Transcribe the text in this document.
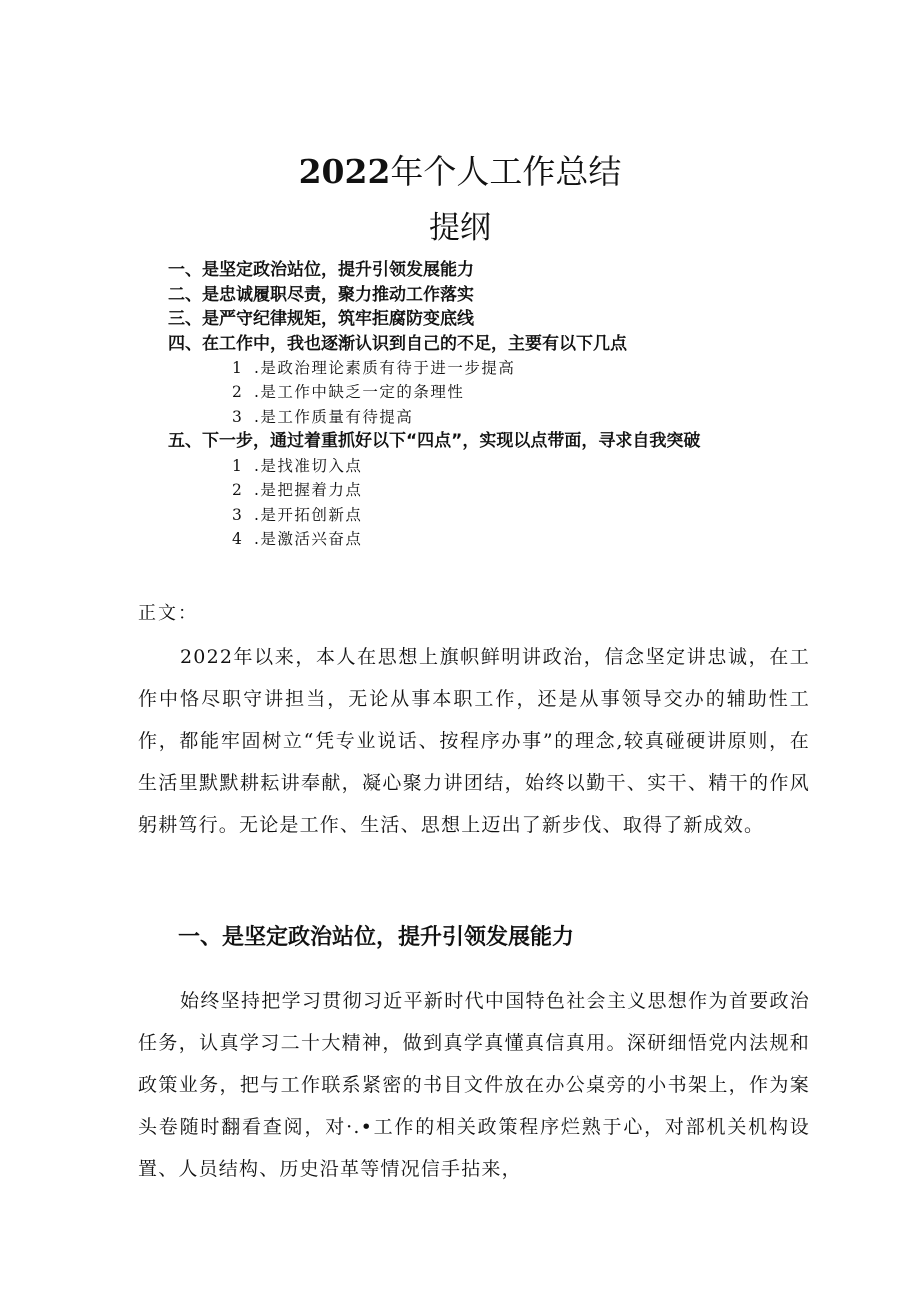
2022年个人工作总结
提纲
一、是坚定政治站位，提升引领发展能力
二、是忠诚履职尽责，聚力推动工作落实
三、是严守纪律规矩，筑牢拒腐防变底线
四、在工作中，我也逐渐认识到自己的不足，主要有以下几点
1 .是政治理论素质有待于进一步提高
2 .是工作中缺乏一定的条理性
3 .是工作质量有待提高
五、下一步，通过着重抓好以下“四点”，实现以点带面，寻求自我突破
1 .是找准切入点
2 .是把握着力点
3 .是开拓创新点
4 .是激活兴奋点
正文：

2022年以来，本人在思想上旗帜鲜明讲政治，信念坚定讲忠诚，在工作中恪尽职守讲担当，无论从事本职工作，还是从事领导交办的辅助性工作，都能牢固树立“凭专业说话、按程序办事”的理念,较真碰硬讲原则，在生活里默默耕耘讲奉献，凝心聚力讲团结，始终以勤干、实干、精干的作风躬耕笃行。无论是工作、生活、思想上迈出了新步伐、取得了新成效。

一、是坚定政治站位，提升引领发展能力

始终坚持把学习贯彻习近平新时代中国特色社会主义思想作为首要政治任务，认真学习二十大精神，做到真学真懂真信真用。深研细悟党内法规和政策业务，把与工作联系紧密的书目文件放在办公桌旁的小书架上，作为案头卷随时翻看查阅，对·.•工作的相关政策程序烂熟于心，对部机关机构设置、人员结构、历史沿革等情况信手拈来，
